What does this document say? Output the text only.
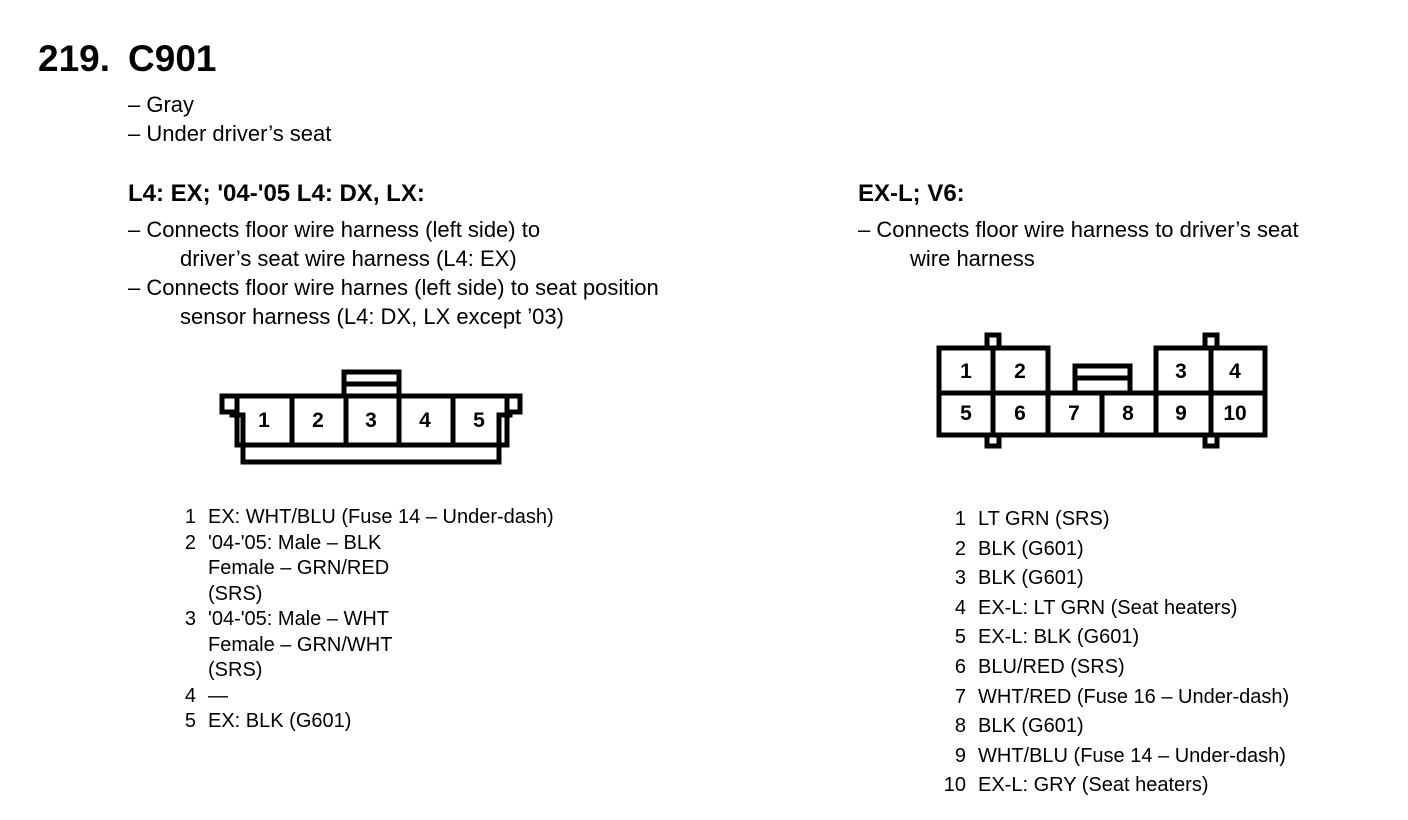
219. C901
– Gray
– Under driver’s seat
L4: EX; '04-'05 L4: DX, LX:
– Connects floor wire harness (left side) to
driver’s seat wire harness (L4: EX)
– Connects floor wire harnes (left side) to seat position
sensor harness (L4: DX, LX except ’03)
1 2 3 4 5
1 EX: WHT/BLU (Fuse 14 – Under-dash)
2 '04-'05: Male – BLK
Female – GRN/RED
(SRS)
3 '04-'05: Male – WHT
Female – GRN/WHT
(SRS)
4 —
5 EX: BLK (G601)
EX-L; V6:
– Connects floor wire harness to driver’s seat
wire harness
1 2	3 4
5 6 7 8 9 10
1 LT GRN (SRS)
2 BLK (G601)
3 BLK (G601)
4 EX-L: LT GRN (Seat heaters)
5 EX-L: BLK (G601)
6 BLU/RED (SRS)
7 WHT/RED (Fuse 16 – Under-dash)
8 BLK (G601)
9 WHT/BLU (Fuse 14 – Under-dash)
10 EX-L: GRY (Seat heaters)
